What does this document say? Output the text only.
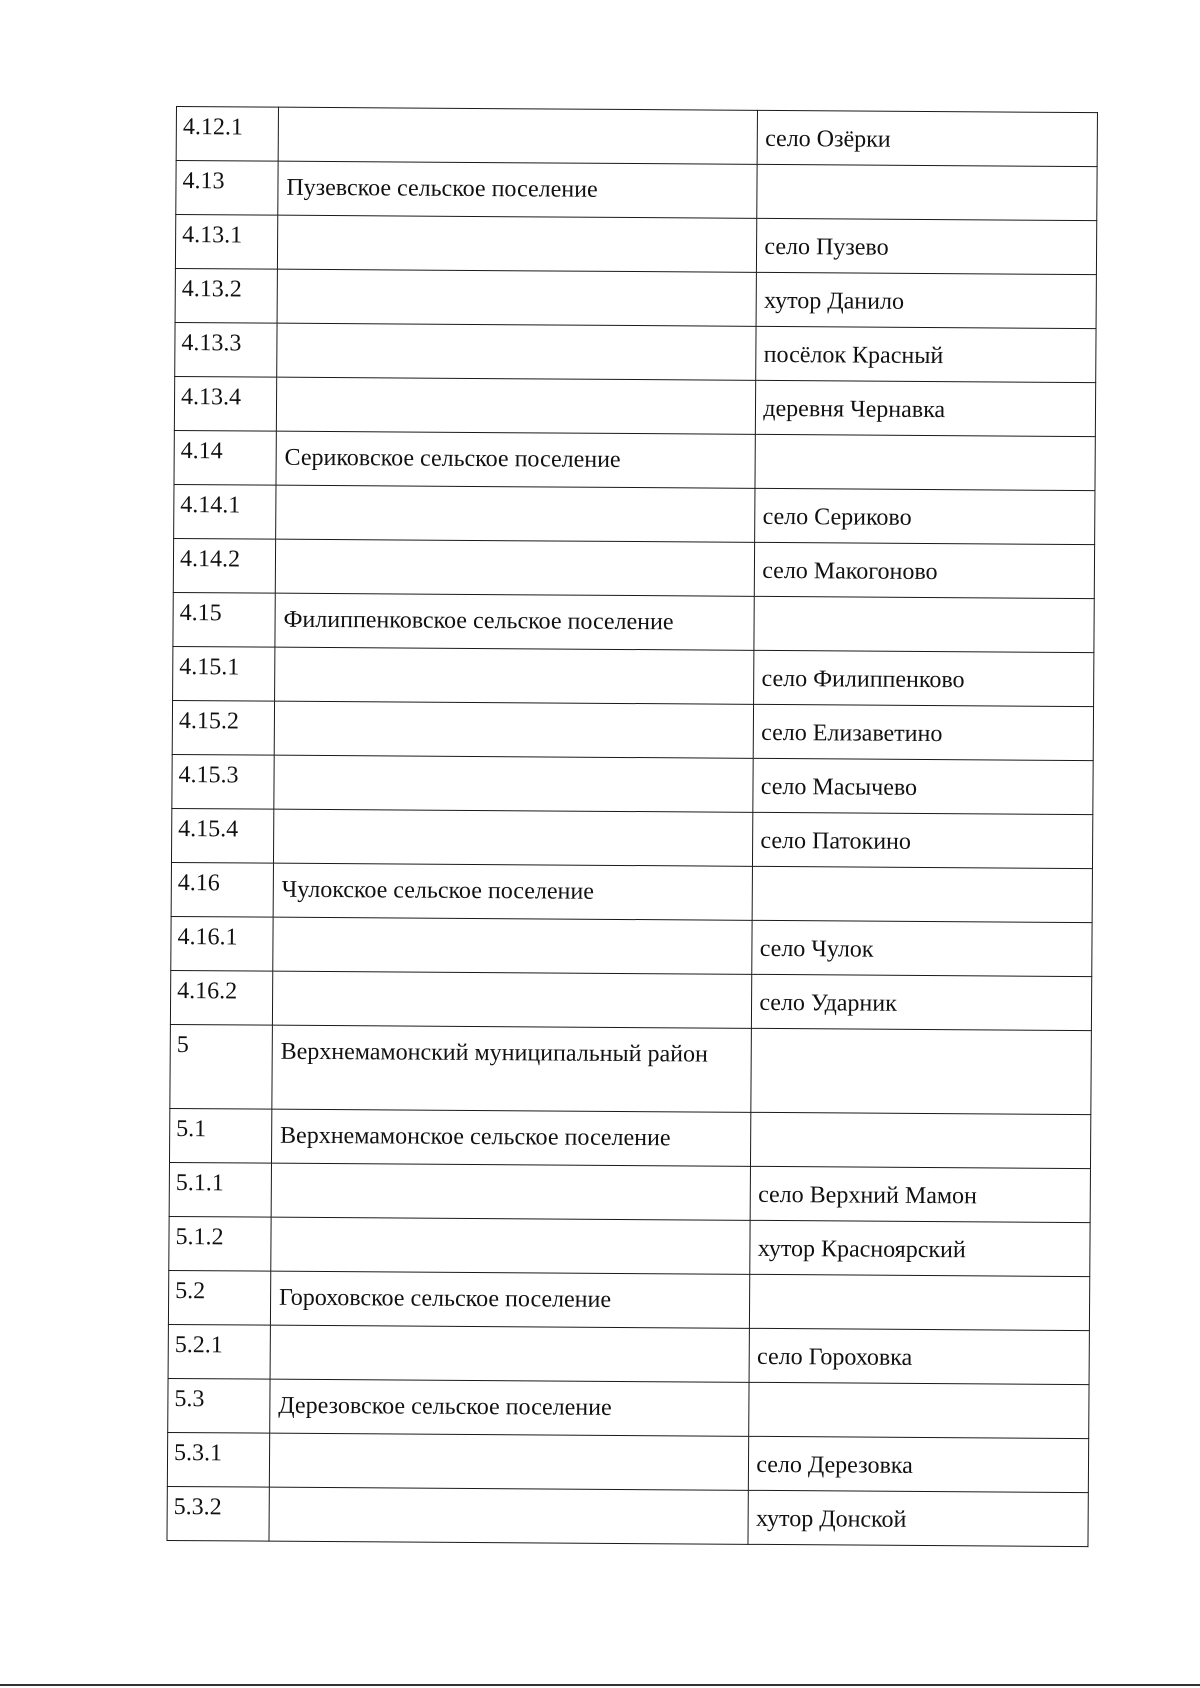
4.12.1		село Озёрки
4.13	Пузевское сельское поселение	
4.13.1		село Пузево
4.13.2		хутор Данило
4.13.3		посёлок Красный
4.13.4		деревня Чернавка
4.14	Сериковское сельское поселение	
4.14.1		село Сериково
4.14.2		село Макогоново
4.15	Филиппенковское сельское поселение	
4.15.1		село Филиппенково
4.15.2		село Елизаветино
4.15.3		село Масычево
4.15.4		село Патокино
4.16	Чулокское сельское поселение	
4.16.1		село Чулок
4.16.2		село Ударник
5	Верхнемамонский муниципальный район	
5.1	Верхнемамонское сельское поселение	
5.1.1		село Верхний Мамон
5.1.2		хутор Красноярский
5.2	Гороховское сельское поселение	
5.2.1		село Гороховка
5.3	Дерезовское сельское поселение	
5.3.1		село Дерезовка
5.3.2		хутор Донской
